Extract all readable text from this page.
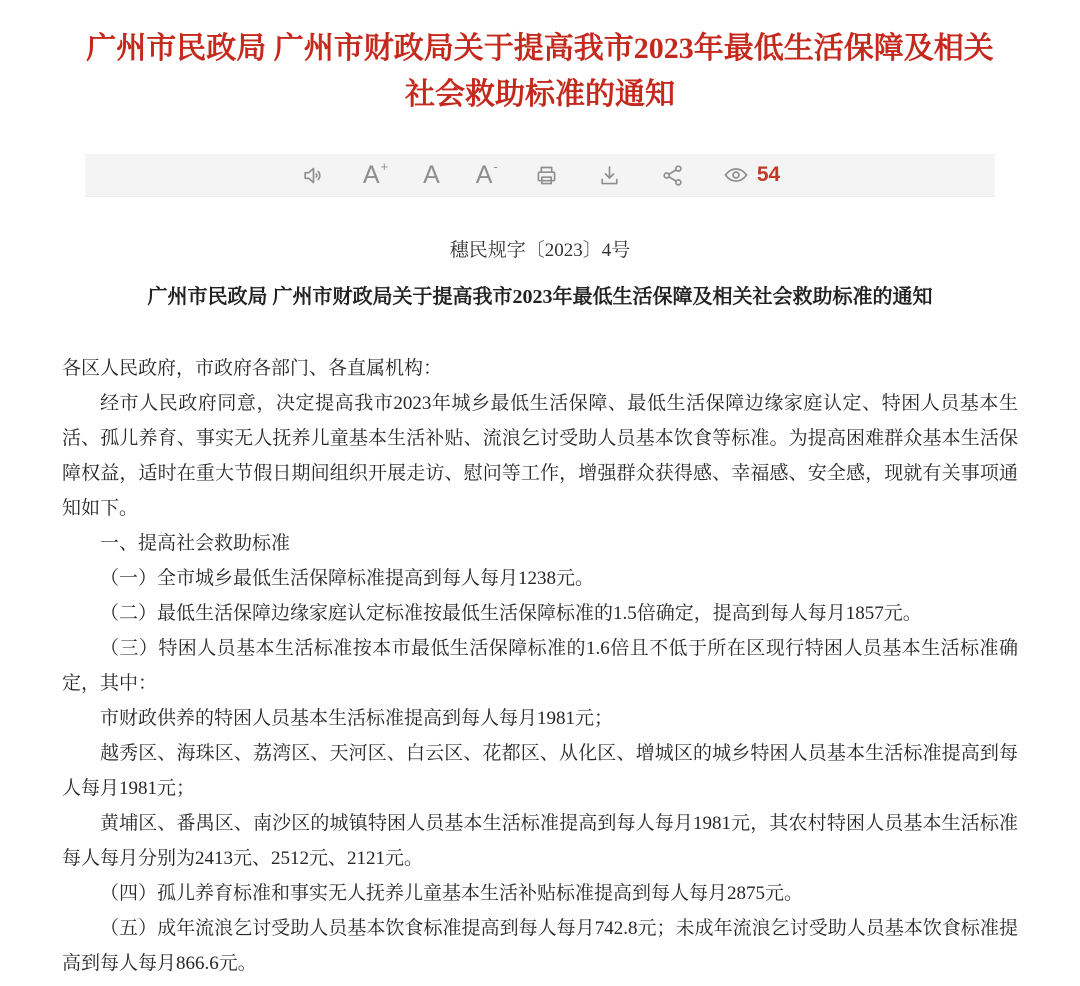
广州市民政局 广州市财政局关于提高我市2023年最低生活保障及相关社会救助标准的通知
A + A A -	54

穗民规字〔2023〕4号

广州市民政局 广州市财政局关于提高我市2023年最低生活保障及相关社会救助标准的通知

各区人民政府，市政府各部门、各直属机构：

经市人民政府同意，决定提高我市2023年城乡最低生活保障、最低生活保障边缘家庭认定、特困人员基本生活、孤儿养育、事实无人抚养儿童基本生活补贴、流浪乞讨受助人员基本饮食等标准。为提高困难群众基本生活保障权益，适时在重大节假日期间组织开展走访、慰问等工作，增强群众获得感、幸福感、安全感，现就有关事项通知如下。

一、提高社会救助标准

（一）全市城乡最低生活保障标准提高到每人每月1238元。

（二）最低生活保障边缘家庭认定标准按最低生活保障标准的1.5倍确定，提高到每人每月1857元。

（三）特困人员基本生活标准按本市最低生活保障标准的1.6倍且不低于所在区现行特困人员基本生活标准确定，其中：

市财政供养的特困人员基本生活标准提高到每人每月1981元；

越秀区、海珠区、荔湾区、天河区、白云区、花都区、从化区、增城区的城乡特困人员基本生活标准提高到每人每月1981元；

黄埔区、番禺区、南沙区的城镇特困人员基本生活标准提高到每人每月1981元，其农村特困人员基本生活标准每人每月分别为2413元、2512元、2121元。

（四）孤儿养育标准和事实无人抚养儿童基本生活补贴标准提高到每人每月2875元。

（五）成年流浪乞讨受助人员基本饮食标准提高到每人每月742.8元；未成年流浪乞讨受助人员基本饮食标准提高到每人每月866.6元。
